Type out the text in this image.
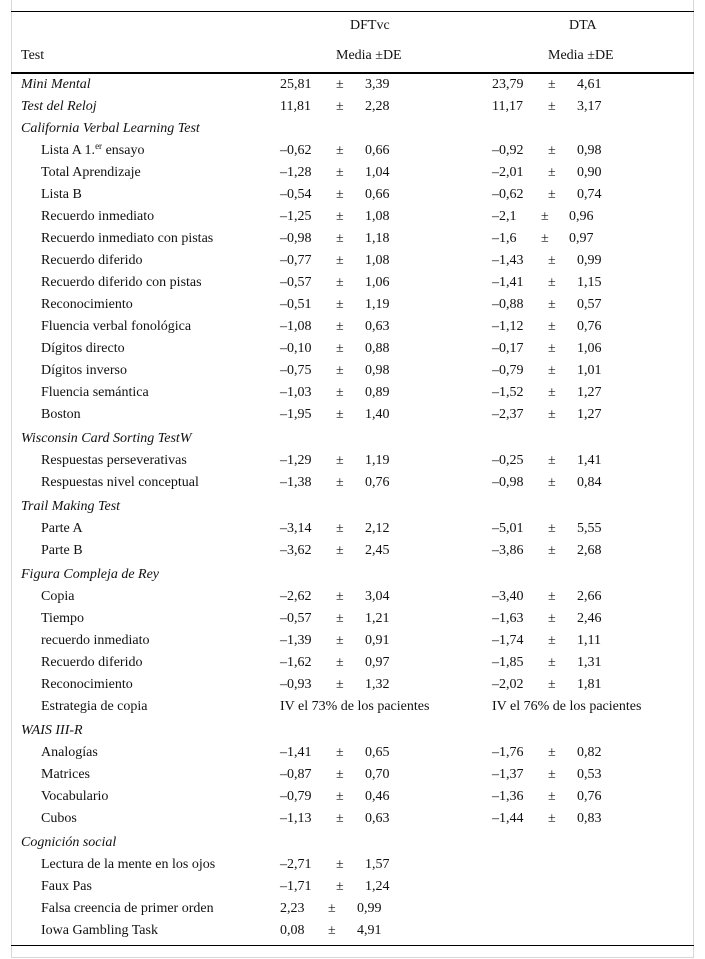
DFTvc	DTA
Test	Media ±DE	Media ±DE
Mini Mental	25,81 ± 3,39	23,79 ± 4,61
Test del Reloj	11,81 ± 2,28	11,17 ± 3,17
California Verbal Learning Test
Lista A 1.$^{er}$ ensayo	–0,62 ± 0,66	–0,92 ± 0,98
Total Aprendizaje	–1,28 ± 1,04	–2,01 ± 0,90
Lista B	–0,54 ± 0,66	–0,62 ± 0,74
Recuerdo inmediato	–1,25 ± 1,08	–2,1 ± 0,96
Recuerdo inmediato con pistas	–0,98 ± 1,18	–1,6 ± 0,97
Recuerdo diferido	–0,77 ± 1,08	–1,43 ± 0,99
Recuerdo diferido con pistas	–0,57 ± 1,06	–1,41 ± 1,15
Reconocimiento	–0,51 ± 1,19	–0,88 ± 0,57
Fluencia verbal fonológica	–1,08 ± 0,63	–1,12 ± 0,76
Dígitos directo	–0,10 ± 0,88	–0,17 ± 1,06
Dígitos inverso	–0,75 ± 0,98	–0,79 ± 1,01
Fluencia semántica	–1,03 ± 0,89	–1,52 ± 1,27
Boston	–1,95 ± 1,40	–2,37 ± 1,27
Wisconsin Card Sorting TestW
Respuestas perseverativas	–1,29 ± 1,19	–0,25 ± 1,41
Respuestas nivel conceptual	–1,38 ± 0,76	–0,98 ± 0,84
Trail Making Test
Parte A	–3,14 ± 2,12	–5,01 ± 5,55
Parte B	–3,62 ± 2,45	–3,86 ± 2,68
Figura Compleja de Rey
Copia	–2,62 ± 3,04	–3,40 ± 2,66
Tiempo	–0,57 ± 1,21	–1,63 ± 2,46
recuerdo inmediato	–1,39 ± 0,91	–1,74 ± 1,11
Recuerdo diferido	–1,62 ± 0,97	–1,85 ± 1,31
Reconocimiento	–0,93 ± 1,32	–2,02 ± 1,81
Estrategia de copia	IV el 73% de los pacientes	IV el 76% de los pacientes
WAIS III-R
Analogías	–1,41 ± 0,65	–1,76 ± 0,82
Matrices	–0,87 ± 0,70	–1,37 ± 0,53
Vocabulario	–0,79 ± 0,46	–1,36 ± 0,76
Cubos	–1,13 ± 0,63	–1,44 ± 0,83
Cognición social
Lectura de la mente en los ojos	–2,71 ± 1,57
Faux Pas	–1,71 ± 1,24
Falsa creencia de primer orden	2,23 ± 0,99
Iowa Gambling Task	0,08 ± 4,91
